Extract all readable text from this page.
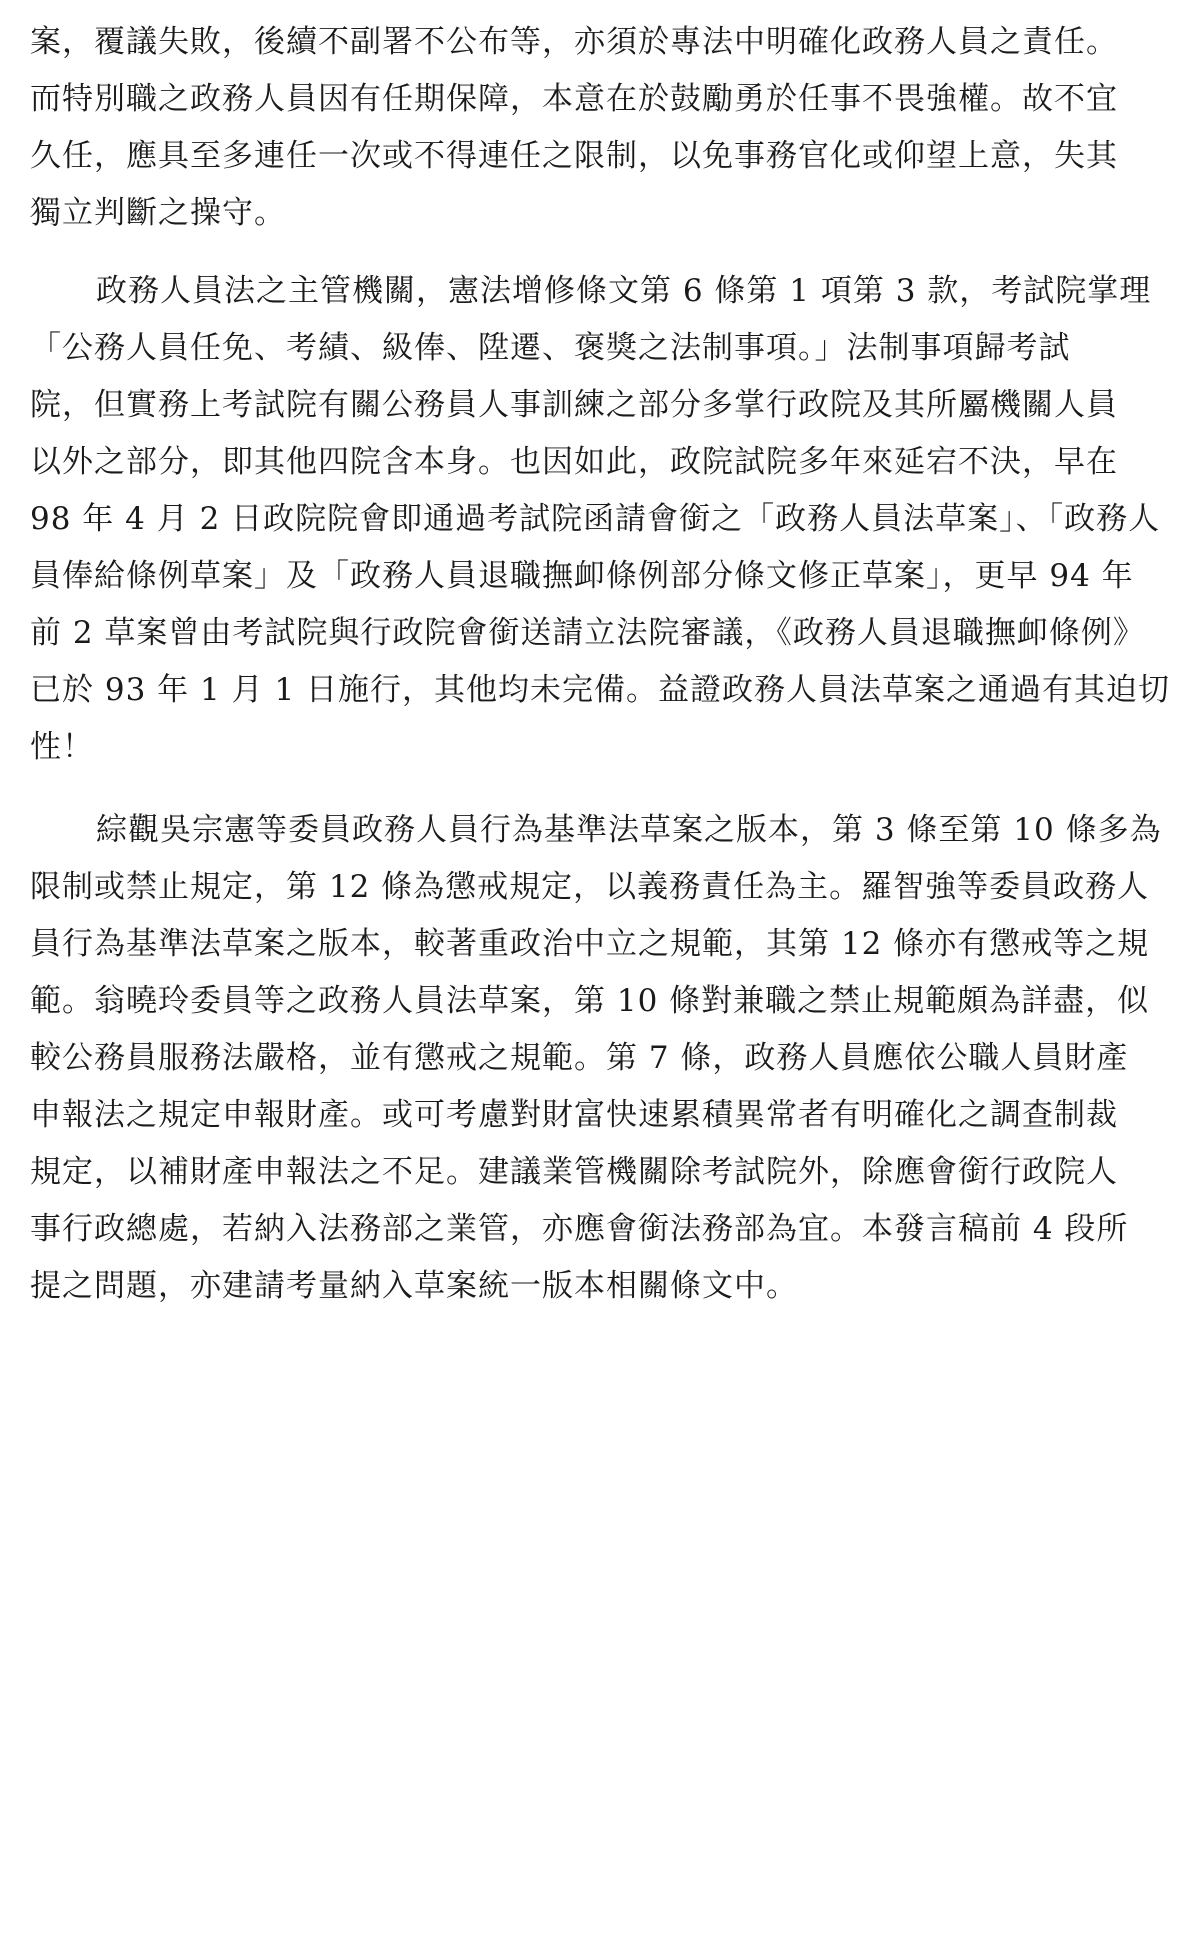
案，覆議失敗，後續不副署不公布等，亦須於專法中明確化政務人員之責任。
而特別職之政務人員因有任期保障，本意在於鼓勵勇於任事不畏強權。故不宜
久任，應具至多連任一次或不得連任之限制，以免事務官化或仰望上意，失其
獨立判斷之操守。
政務人員法之主管機關，憲法增修條文第 6 條第 1 項第 3 款，考試院掌理
「公務人員任免、考績、級俸、陞遷、褒獎之法制事項。」法制事項歸考試
院，但實務上考試院有關公務員人事訓練之部分多掌行政院及其所屬機關人員
以外之部分，即其他四院含本身。也因如此，政院試院多年來延宕不決，早在
98 年 4 月 2 日政院院會即通過考試院函請會銜之「政務人員法草案」、「政務人
員俸給條例草案」及「政務人員退職撫卹條例部分條文修正草案」，更早 94 年
前 2 草案曾由考試院與行政院會銜送請立法院審議，《政務人員退職撫卹條例》
已於 93 年 1 月 1 日施行，其他均未完備。益證政務人員法草案之通過有其迫切
性！
綜觀吳宗憲等委員政務人員行為基準法草案之版本，第 3 條至第 10 條多為
限制或禁止規定，第 12 條為懲戒規定，以義務責任為主。羅智強等委員政務人
員行為基準法草案之版本，較著重政治中立之規範，其第 12 條亦有懲戒等之規
範。翁曉玲委員等之政務人員法草案，第 10 條對兼職之禁止規範頗為詳盡，似
較公務員服務法嚴格，並有懲戒之規範。第 7 條，政務人員應依公職人員財產
申報法之規定申報財產。或可考慮對財富快速累積異常者有明確化之調查制裁
規定，以補財產申報法之不足。建議業管機關除考試院外，除應會銜行政院人
事行政總處，若納入法務部之業管，亦應會銜法務部為宜。本發言稿前 4 段所
提之問題，亦建請考量納入草案統一版本相關條文中。
